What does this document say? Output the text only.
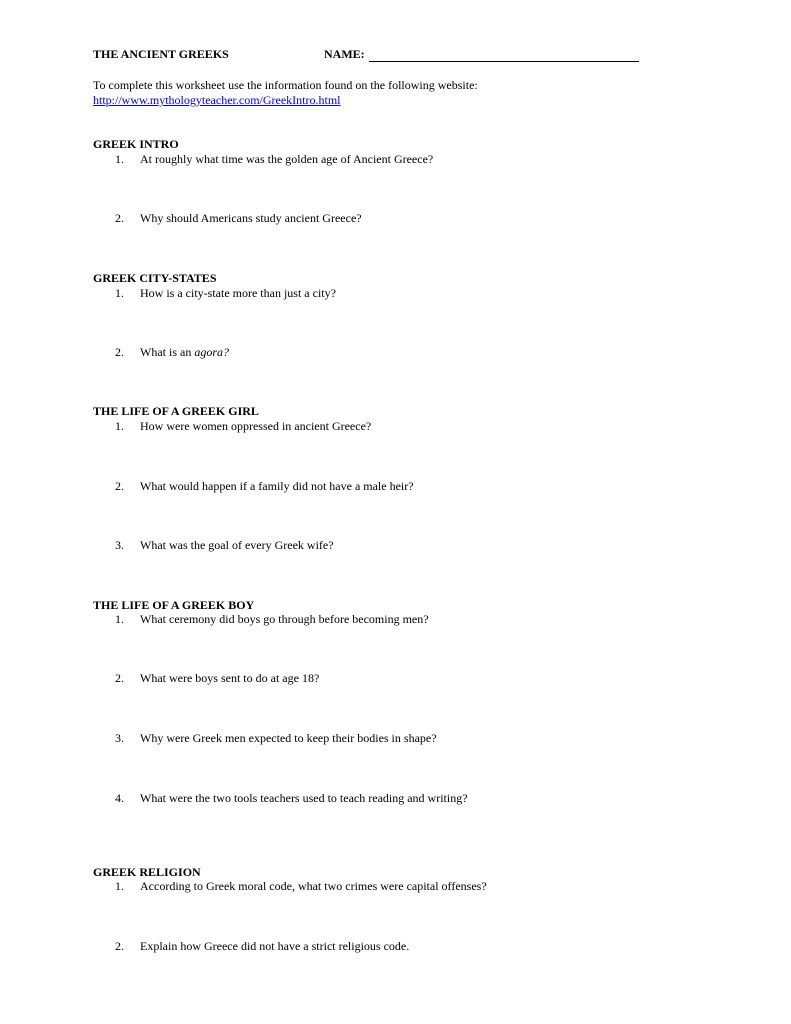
THE ANCIENT GREEKS	NAME:
To complete this worksheet use the information found on the following website:
http://www.mythologyteacher.com/GreekIntro.html
GREEK INTRO
1. At roughly what time was the golden age of Ancient Greece?
2. Why should Americans study ancient Greece?
GREEK CITY-STATES
1. How is a city-state more than just a city?
2. What is an agora?
THE LIFE OF A GREEK GIRL
1. How were women oppressed in ancient Greece?
2. What would happen if a family did not have a male heir?
3. What was the goal of every Greek wife?
THE LIFE OF A GREEK BOY
1. What ceremony did boys go through before becoming men?
2. What were boys sent to do at age 18?
3. Why were Greek men expected to keep their bodies in shape?
4. What were the two tools teachers used to teach reading and writing?
GREEK RELIGION
1. According to Greek moral code, what two crimes were capital offenses?
2. Explain how Greece did not have a strict religious code.
